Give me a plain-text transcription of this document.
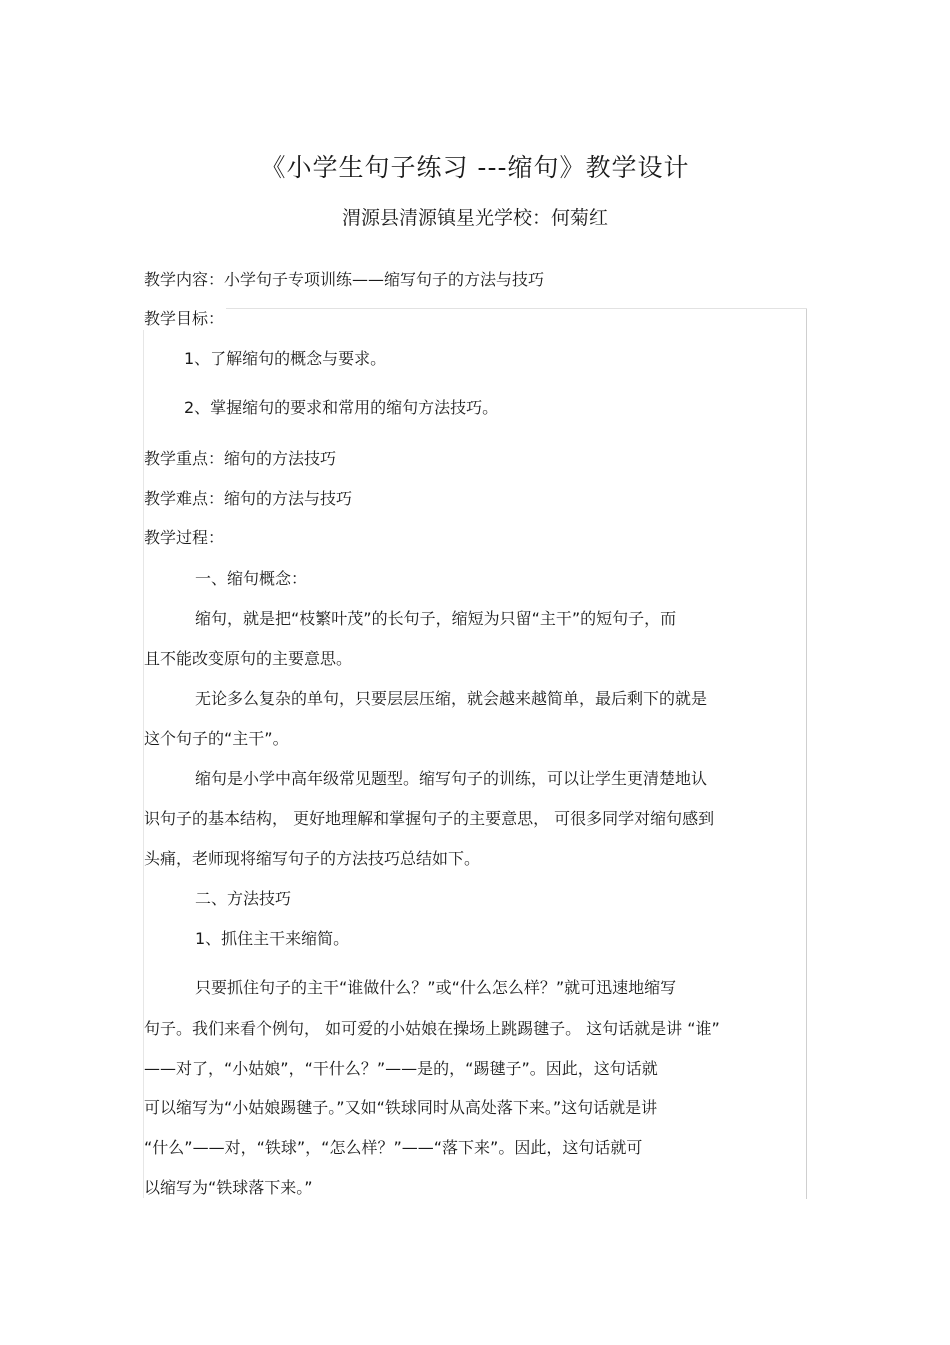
《小学生句子练习 ---缩句》教学设计
渭源县清源镇星光学校：何菊红
教学内容：小学句子专项训练——缩写句子的方法与技巧
教学目标：
1、了解缩句的概念与要求。
2、掌握缩句的要求和常用的缩句方法技巧。
教学重点：缩句的方法技巧
教学难点：缩句的方法与技巧
教学过程：
一、缩句概念：
缩句，就是把“枝繁叶茂”的长句子，缩短为只留“主干”的短句子，而
且不能改变原句的主要意思。
无论多么复杂的单句，只要层层压缩，就会越来越简单，最后剩下的就是
这个句子的“主干”。
缩句是小学中高年级常见题型。缩写句子的训练，可以让学生更清楚地认
识句子的基本结构， 更好地理解和掌握句子的主要意思， 可很多同学对缩句感到
头痛，老师现将缩写句子的方法技巧总结如下。
二、方法技巧
1、抓住主干来缩简。
只要抓住句子的主干“谁做什么？”或“什么怎么样？”就可迅速地缩写
句子。我们来看个例句， 如可爱的小姑娘在操场上跳踢毽子。 这句话就是讲 “谁”
——对了，“小姑娘”，“干什么？”——是的，“踢毽子”。因此，这句话就
可以缩写为“小姑娘踢毽子。”又如“铁球同时从高处落下来。”这句话就是讲
“什么”——对，“铁球”，“怎么样？”——“落下来”。因此，这句话就可
以缩写为“铁球落下来。”
